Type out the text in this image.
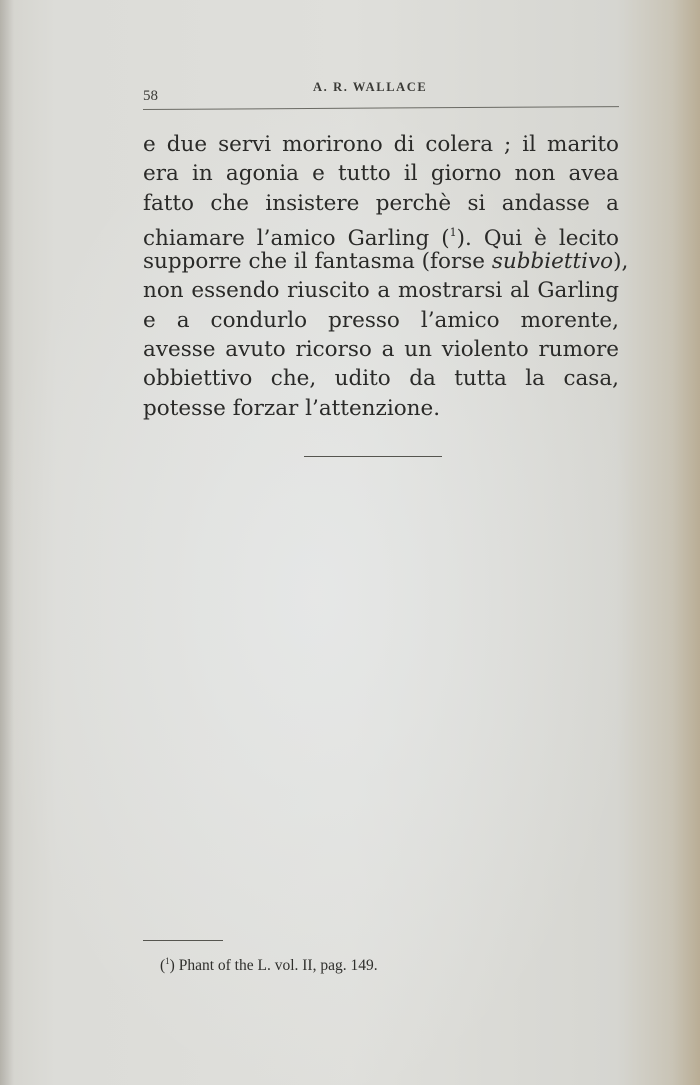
58
A. R. WALLACE
e due servi morirono di colera ; il marito
era in agonia e tutto il giorno non avea
fatto che insistere perchè si andasse a
chiamare l’amico Garling ($^1$). Qui è lecito
supporre che il fantasma (forse subbiettivo),
non essendo riuscito a mostrarsi al Garling
e a condurlo presso l’amico morente,
avesse avuto ricorso a un violento rumore
obbiettivo che, udito da tutta la casa,
potesse forzar l’attenzione.
($^1$) Phant of the L. vol. II, pag. 149.
